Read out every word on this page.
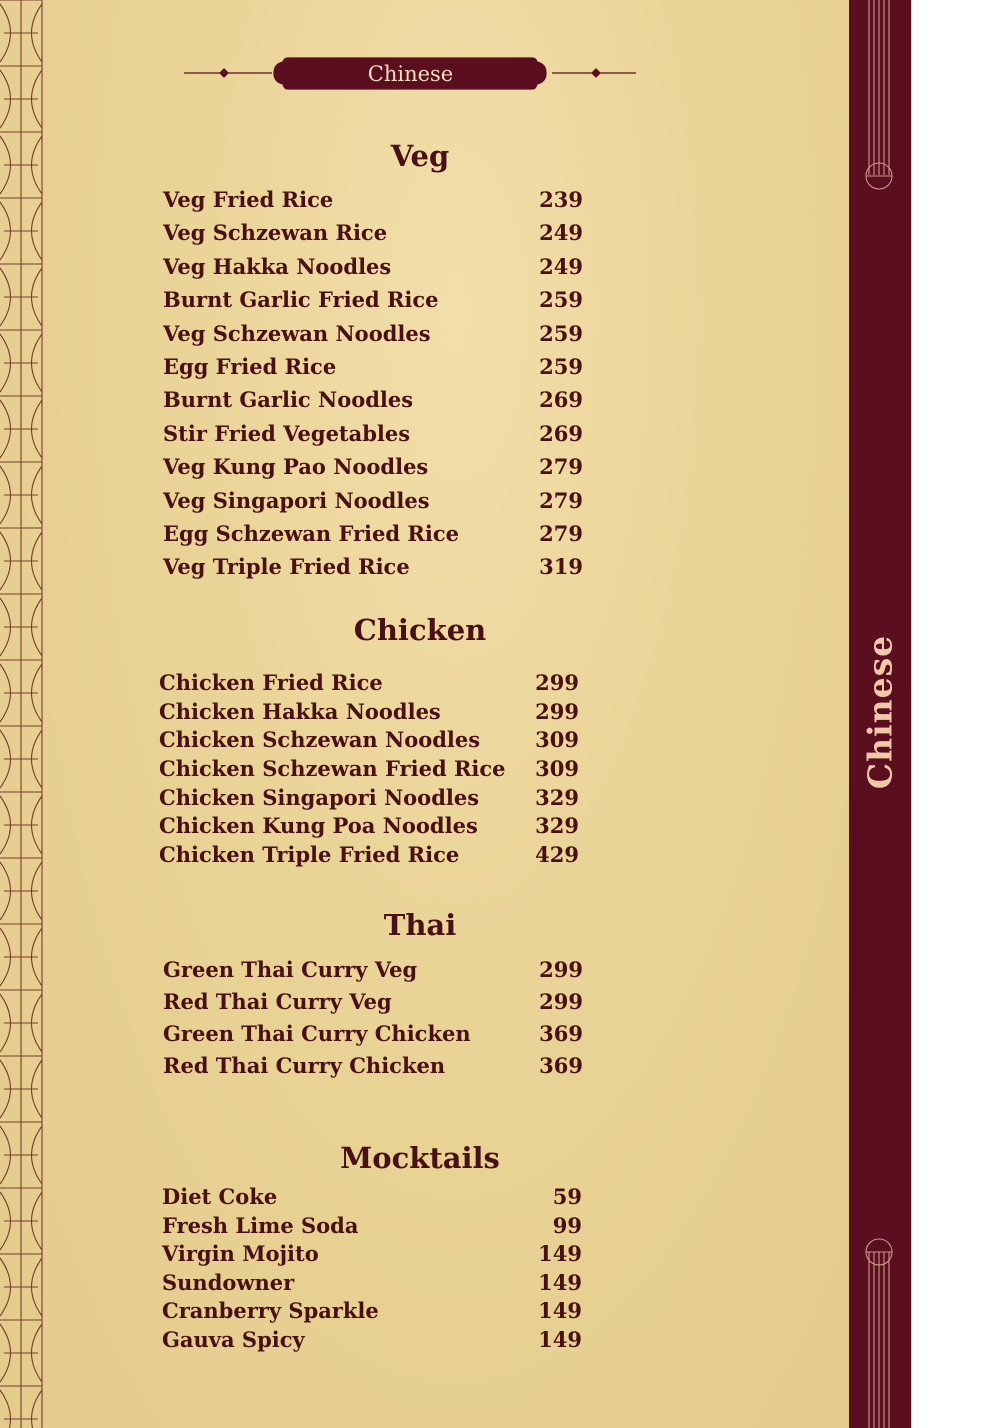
Chinese
Chinese
Veg
Veg Fried Rice	239
Veg Schzewan Rice	249
Veg Hakka Noodles	249
Burnt Garlic Fried Rice	259
Veg Schzewan Noodles	259
Egg Fried Rice	259
Burnt Garlic Noodles	269
Stir Fried Vegetables	269
Veg Kung Pao Noodles	279
Veg Singapori Noodles	279
Egg Schzewan Fried Rice	279
Veg Triple Fried Rice	319
Chicken
Chicken Fried Rice	299
Chicken Hakka Noodles	299
Chicken Schzewan Noodles	309
Chicken Schzewan Fried Rice 309
Chicken Singapori Noodles	329
Chicken Kung Poa Noodles	329
Chicken Triple Fried Rice	429
Thai
Green Thai Curry Veg	299
Red Thai Curry Veg	299
Green Thai Curry Chicken	369
Red Thai Curry Chicken	369
Mocktails
Diet Coke	59
Fresh Lime Soda	99
Virgin Mojito	149
Sundowner	149
Cranberry Sparkle	149
Gauva Spicy	149
